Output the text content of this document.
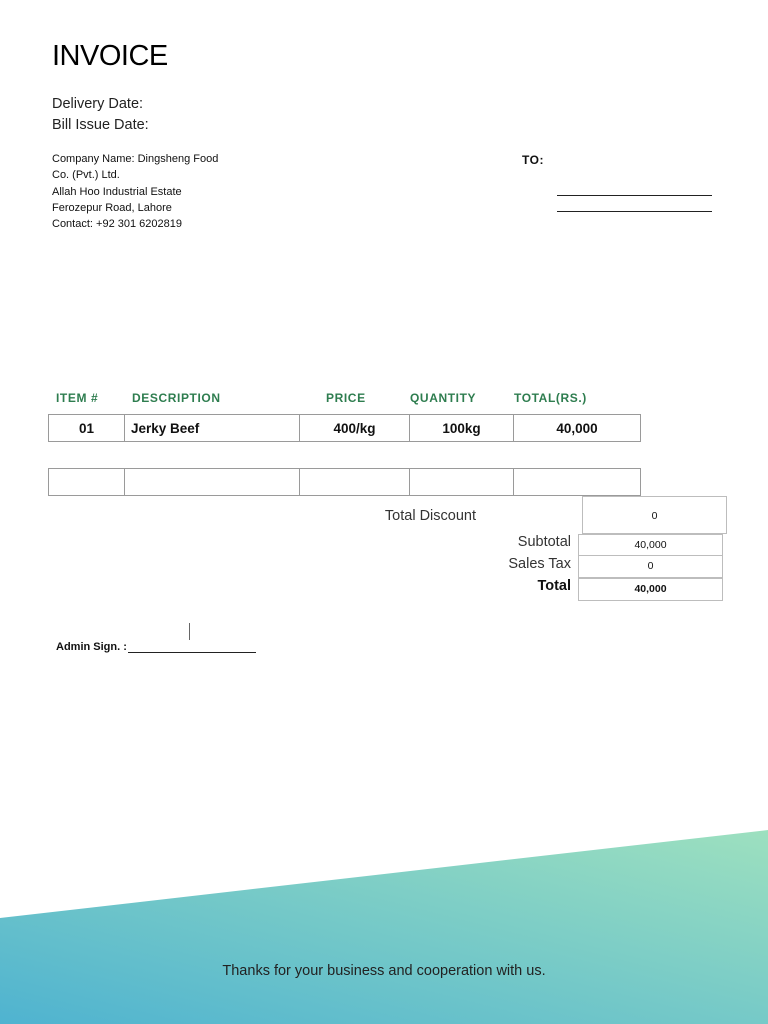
INVOICE
Delivery Date:
Bill Issue Date:
Company Name: Dingsheng Food
Co. (Pvt.) Ltd.
Allah Hoo Industrial Estate
Ferozepur Road, Lahore
Contact: +92 301 6202819
TO:
ITEM #	DESCRIPTION	PRICE	QUANTITY	TOTAL(RS.)
01	Jerky Beef	400/kg	100kg	40,000

Total Discount	0
Subtotal	40,000
Sales Tax	0
Total	40,000
Admin Sign. :
Thanks for your business and cooperation with us.
